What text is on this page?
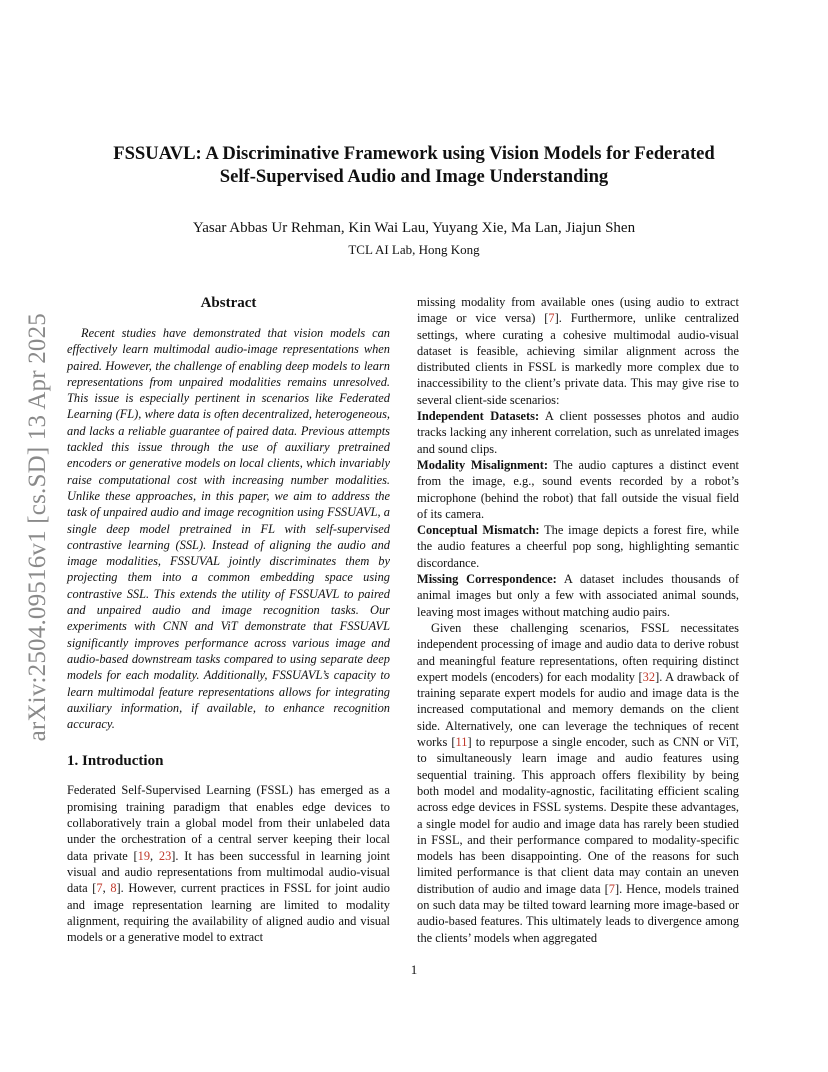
arXiv:2504.09516v1 [cs.SD] 13 Apr 2025
FSSUAVL: A Discriminative Framework using Vision Models for Federated
Self-Supervised Audio and Image Understanding
Yasar Abbas Ur Rehman, Kin Wai Lau, Yuyang Xie, Ma Lan, Jiajun Shen
TCL AI Lab, Hong Kong
Abstract

Recent studies have demonstrated that vision models can effectively learn multimodal audio-image representations when paired. However, the challenge of enabling deep models to learn representations from unpaired modalities remains unresolved. This issue is especially pertinent in scenarios like Federated Learning (FL), where data is often decentralized, heterogeneous, and lacks a reliable guarantee of paired data. Previous attempts tackled this issue through the use of auxiliary pretrained encoders or generative models on local clients, which invariably raise computational cost with increasing number modalities. Unlike these approaches, in this paper, we aim to address the task of unpaired audio and image recognition using FSSUAVL, a single deep model pretrained in FL with self-supervised contrastive learning (SSL). Instead of aligning the audio and image modalities, FSSUVAL jointly discriminates them by projecting them into a common embedding space using contrastive SSL. This extends the utility of FSSUAVL to paired and unpaired audio and image recognition tasks. Our experiments with CNN and ViT demonstrate that FSSUAVL significantly improves performance across various image and audio-based downstream tasks compared to using separate deep models for each modality. Additionally, FSSUAVL’s capacity to learn multimodal feature representations allows for integrating auxiliary information, if available, to enhance recognition accuracy.

1. Introduction

Federated Self-Supervised Learning (FSSL) has emerged as a promising training paradigm that enables edge devices to collaboratively train a global model from their unlabeled data under the orchestration of a central server keeping their local data private [19, 23]. It has been successful in learning joint visual and audio representations from multimodal audio-visual data [7, 8]. However, current practices in FSSL for joint audio and image representation learning are limited to modality alignment, requiring the availability of aligned audio and visual models or a generative model to extract

missing modality from available ones (using audio to extract image or vice versa) [7]. Furthermore, unlike centralized settings, where curating a cohesive multimodal audio-visual dataset is feasible, achieving similar alignment across the distributed clients in FSSL is markedly more complex due to inaccessibility to the client’s private data. This may give rise to several client-side scenarios:

Independent Datasets: A client possesses photos and audio tracks lacking any inherent correlation, such as unrelated images and sound clips.

Modality Misalignment: The audio captures a distinct event from the image, e.g., sound events recorded by a robot’s microphone (behind the robot) that fall outside the visual field of its camera.

Conceptual Mismatch: The image depicts a forest fire, while the audio features a cheerful pop song, highlighting semantic discordance.

Missing Correspondence: A dataset includes thousands of animal images but only a few with associated animal sounds, leaving most images without matching audio pairs.

Given these challenging scenarios, FSSL necessitates independent processing of image and audio data to derive robust and meaningful feature representations, often requiring distinct expert models (encoders) for each modality [32]. A drawback of training separate expert models for audio and image data is the increased computational and memory demands on the client side. Alternatively, one can leverage the techniques of recent works [11] to repurpose a single encoder, such as CNN or ViT, to simultaneously learn image and audio features using sequential training. This approach offers flexibility by being both model and modality-agnostic, facilitating efficient scaling across edge devices in FSSL systems. Despite these advantages, a single model for audio and image data has rarely been studied in FSSL, and their performance compared to modality-specific models has been disappointing. One of the reasons for such limited performance is that client data may contain an uneven distribution of audio and image data [7]. Hence, models trained on such data may be tilted toward learning more image-based or audio-based features. This ultimately leads to divergence among the clients’ models when aggregated

1
